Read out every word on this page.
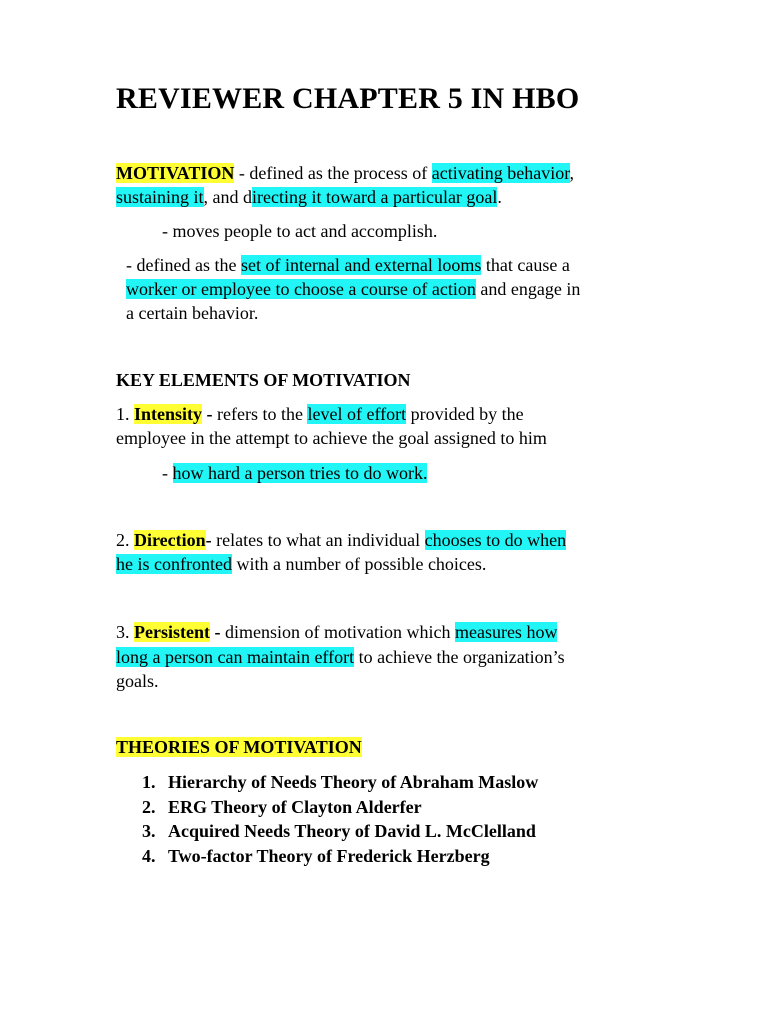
REVIEWER CHAPTER 5 IN HBO
MOTIVATION - defined as the process of activating behavior,
sustaining it, and directing it toward a particular goal.
- moves people to act and accomplish.
- defined as the set of internal and external looms that cause a
worker or employee to choose a course of action and engage in
a certain behavior.
KEY ELEMENTS OF MOTIVATION
1. Intensity - refers to the level of effort provided by the
employee in the attempt to achieve the goal assigned to him
- how hard a person tries to do work.
2. Direction- relates to what an individual chooses to do when
he is confronted with a number of possible choices.
3. Persistent - dimension of motivation which measures how
long a person can maintain effort to achieve the organization’s
goals.
THEORIES OF MOTIVATION
1. Hierarchy of Needs Theory of Abraham Maslow
2. ERG Theory of Clayton Alderfer
3. Acquired Needs Theory of David L. McClelland
4. Two-factor Theory of Frederick Herzberg
